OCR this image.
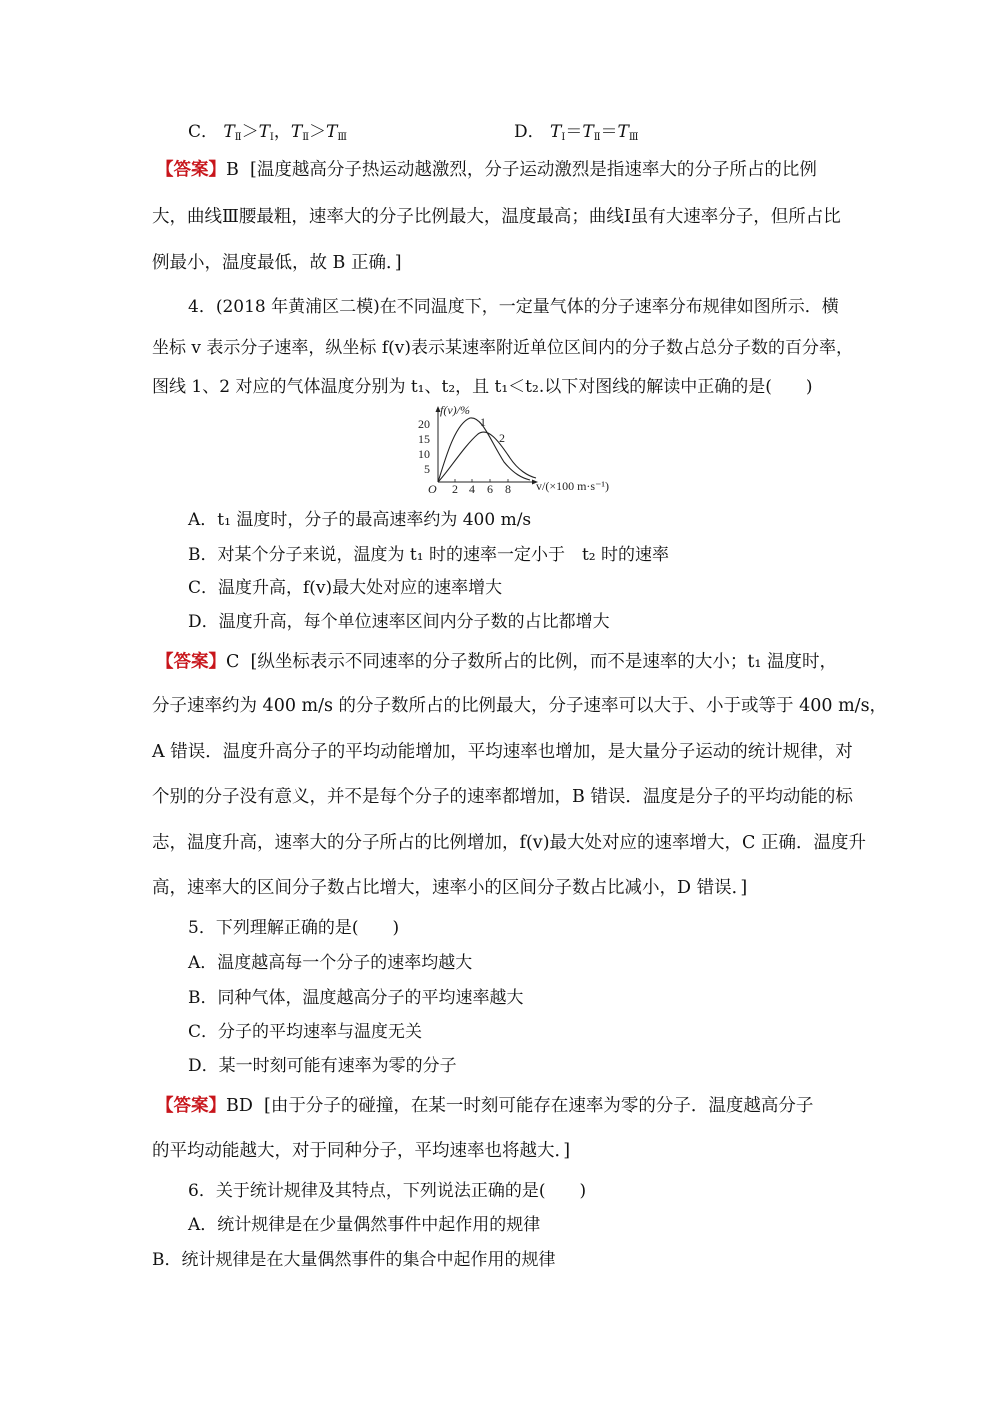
C． $T_Ⅱ>T_Ⅰ$，$T_Ⅱ>T_Ⅲ$	D． $T_Ⅰ=T_Ⅱ=T_Ⅲ$
【答案】B [温度越高分子热运动越激烈，分子运动激烈是指速率大的分子所占的比例
大，曲线Ⅲ腰最粗，速率大的分子比例最大，温度最高；曲线Ⅰ虽有大速率分子，但所占比
例最小，温度最低，故 B 正确．]
4．(2018 年黄浦区二模)在不同温度下，一定量气体的分子速率分布规律如图所示．横
坐标 v 表示分子速率，纵坐标 f(v)表示某速率附近单位区间内的分子数占总分子数的百分率，
图线 1、2 对应的气体温度分别为 t₁、t₂，且 t₁＜t₂.以下对图线的解读中正确的是(　　)
f(v)/%
v/(×100 m·s⁻¹)
O
5
10
15
20
2 4 6 8
1
2
A．t₁ 温度时，分子的最高速率约为 400 m/s
B．对某个分子来说，温度为 t₁ 时的速率一定小于　t₂ 时的速率
C．温度升高，f(v)最大处对应的速率增大
D．温度升高，每个单位速率区间内分子数的占比都增大
【答案】C [纵坐标表示不同速率的分子数所占的比例，而不是速率的大小；t₁ 温度时，
分子速率约为 400 m/s 的分子数所占的比例最大，分子速率可以大于、小于或等于 400 m/s，
A 错误．温度升高分子的平均动能增加，平均速率也增加，是大量分子运动的统计规律，对
个别的分子没有意义，并不是每个分子的速率都增加，B 错误．温度是分子的平均动能的标
志，温度升高，速率大的分子所占的比例增加，f(v)最大处对应的速率增大，C 正确．温度升
高，速率大的区间分子数占比增大，速率小的区间分子数占比减小，D 错误．]
5．下列理解正确的是(　　)
A．温度越高每一个分子的速率均越大
B．同种气体，温度越高分子的平均速率越大
C．分子的平均速率与温度无关
D．某一时刻可能有速率为零的分子
【答案】BD [由于分子的碰撞，在某一时刻可能存在速率为零的分子．温度越高分子
的平均动能越大，对于同种分子，平均速率也将越大．]
6．关于统计规律及其特点，下列说法正确的是(　　)
A．统计规律是在少量偶然事件中起作用的规律
B．统计规律是在大量偶然事件的集合中起作用的规律
